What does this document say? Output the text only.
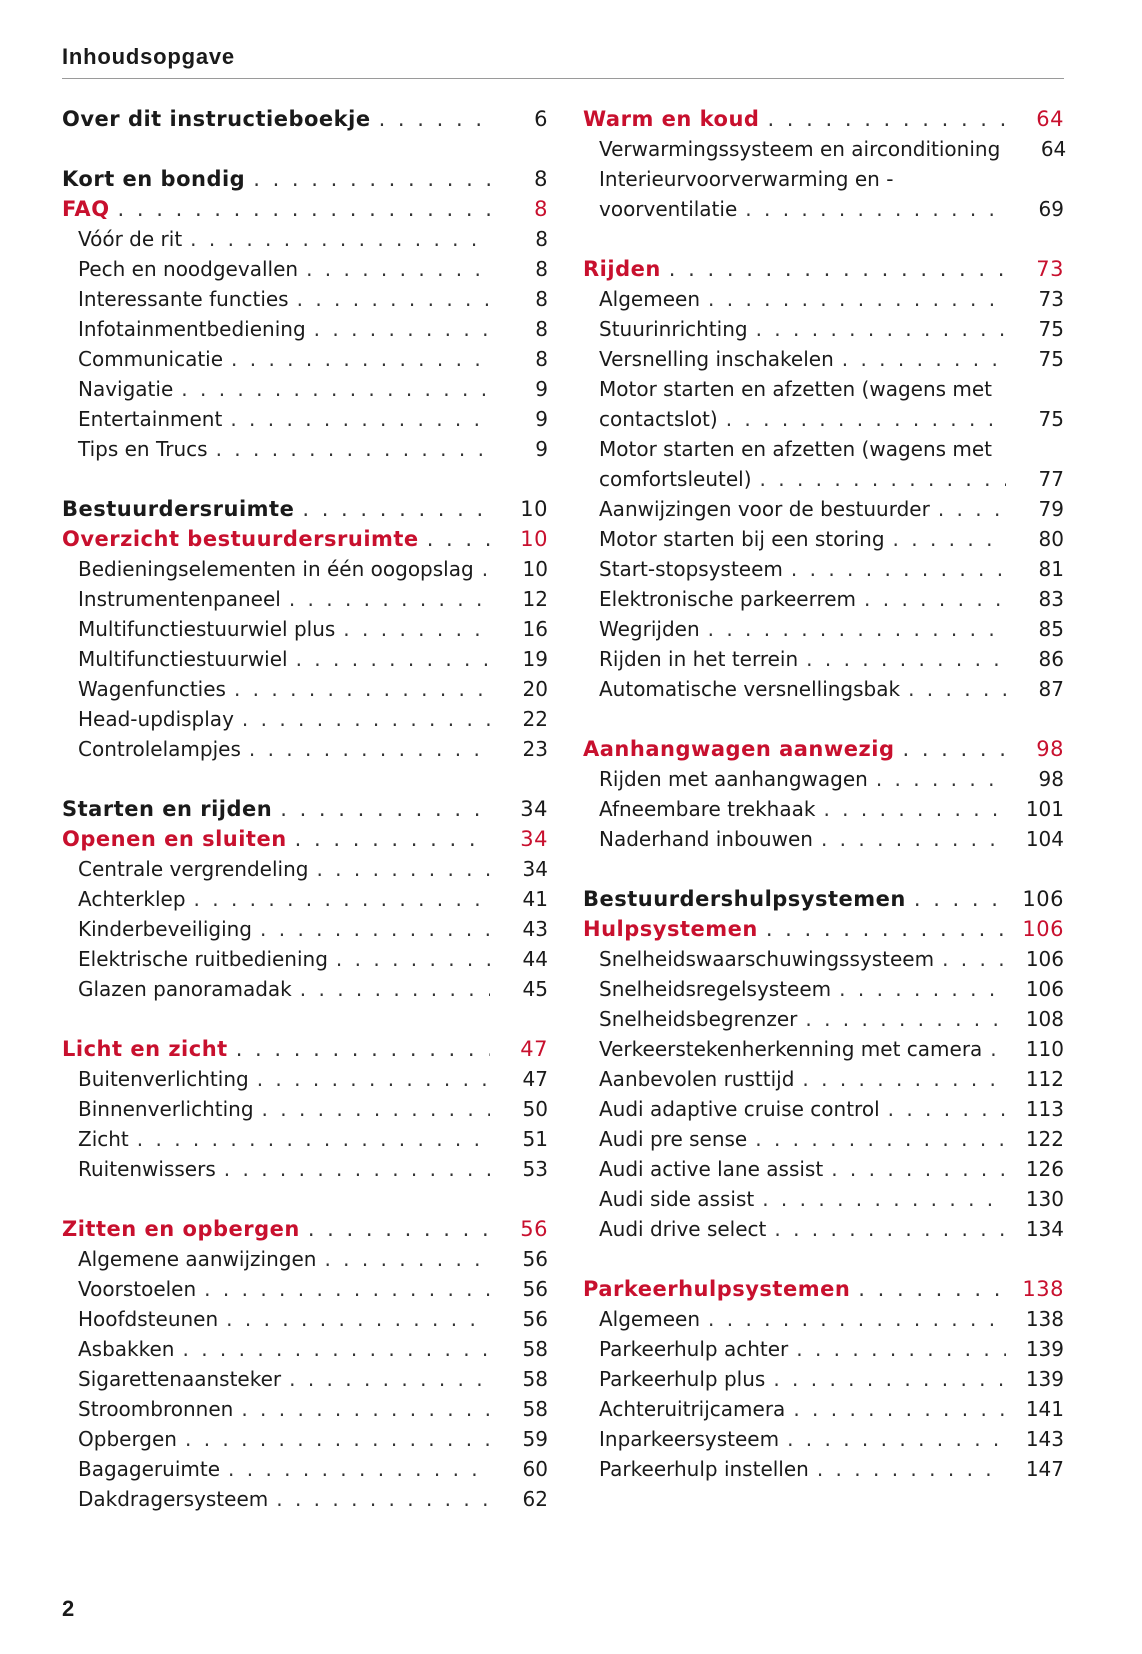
Inhoudsopgave
Over dit instructieboekje . . .	6
Kort en bondig . . .	8
FAQ . . .	8
Vóór de rit . . .	8
Pech en noodgevallen . . .	8
Interessante functies . . .	8
Infotainmentbediening . . .	8
Communicatie . . .	8
Navigatie . . .	9
Entertainment . . .	9
Tips en Trucs . . .	9
Bestuurdersruimte . . .	10
Overzicht bestuurdersruimte . . .	10
Bedieningselementen in één oogopslag . . .	10
Instrumentenpaneel . . .	12
Multifunctiestuurwiel plus . . .	16
Multifunctiestuurwiel . . .	19
Wagenfuncties . . .	20
Head-updisplay . . .	22
Controlelampjes . . .	23
Starten en rijden . . .	34
Openen en sluiten . . .	34
Centrale vergrendeling . . .	34
Achterklep . . .	41
Kinderbeveiliging . . .	43
Elektrische ruitbediening . . .	44
Glazen panoramadak . . .	45
Licht en zicht . . .	47
Buitenverlichting . . .	47
Binnenverlichting . . .	50
Zicht . . .	51
Ruitenwissers . . .	53
Zitten en opbergen . . .	56
Algemene aanwijzingen . . .	56
Voorstoelen . . .	56
Hoofdsteunen . . .	56
Asbakken . . .	58
Sigarettenaansteker . . .	58
Stroombronnen . . .	58
Opbergen . . .	59
Bagageruimte . . .	60
Dakdragersysteem . . .	62
Warm en koud . . .	64
Verwarmingssysteem en airconditioning	64
Interieurvoorverwarming en -
voorventilatie . . .	69
Rijden . . .	73
Algemeen . . .	73
Stuurinrichting . . .	75
Versnelling inschakelen . . .	75
Motor starten en afzetten (wagens met
contactslot) . . .	75
Motor starten en afzetten (wagens met
comfortsleutel) . . .	77
Aanwijzingen voor de bestuurder . . .	79
Motor starten bij een storing . . .	80
Start-stopsysteem . . .	81
Elektronische parkeerrem . . .	83
Wegrijden . . .	85
Rijden in het terrein . . .	86
Automatische versnellingsbak . . .	87
Aanhangwagen aanwezig . . .	98
Rijden met aanhangwagen . . .	98
Afneembare trekhaak . . .	101
Naderhand inbouwen . . .	104
Bestuurdershulpsystemen . . .	106
Hulpsystemen . . .	106
Snelheidswaarschuwingssysteem . . .	106
Snelheidsregelsysteem . . .	106
Snelheidsbegrenzer . . .	108
Verkeerstekenherkenning met camera . . .	110
Aanbevolen rusttijd . . .	112
Audi adaptive cruise control . . .	113
Audi pre sense . . .	122
Audi active lane assist . . .	126
Audi side assist . . .	130
Audi drive select . . .	134
Parkeerhulpsystemen . . .	138
Algemeen . . .	138
Parkeerhulp achter . . .	139
Parkeerhulp plus . . .	139
Achteruitrijcamera . . .	141
Inparkeersysteem . . .	143
Parkeerhulp instellen . . .	147
2
